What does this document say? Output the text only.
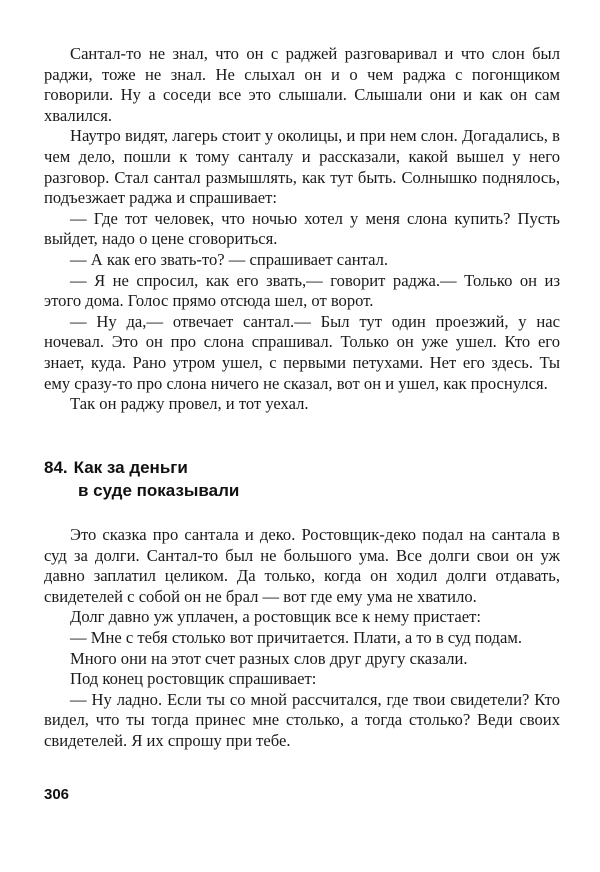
Сантал-то не знал, что он с раджей разговаривал и что слон был раджи, тоже не знал. Не слыхал он и о чем раджа с погонщиком говорили. Ну а соседи все это слышали. Слышали они и как он сам хвалился.

Наутро видят, лагерь стоит у околицы, и при нем слон. Догадались, в чем дело, пошли к тому санталу и рассказали, какой вышел у него разговор. Стал сантал размышлять, как тут быть. Солнышко поднялось, подъезжает раджа и спрашивает:

— Где тот человек, что ночью хотел у меня слона купить? Пусть выйдет, надо о цене сговориться.

— А как его звать-то? — спрашивает сантал.

— Я не спросил, как его звать,— говорит раджа.— Только он из этого дома. Голос прямо отсюда шел, от ворот.

— Ну да,— отвечает сантал.— Был тут один проезжий, у нас ночевал. Это он про слона спрашивал. Только он уже ушел. Кто его знает, куда. Рано утром ушел, с первыми петухами. Нет его здесь. Ты ему сразу-то про слона ничего не сказал, вот он и ушел, как проснулся.

Так он раджу провел, и тот уехал.

84. Как за деньги
в суде показывали

Это сказка про сантала и деко. Ростовщик-деко подал на сантала в суд за долги. Сантал-то был не большого ума. Все долги свои он уж давно заплатил целиком. Да только, когда он ходил долги отдавать, свидетелей с собой он не брал — вот где ему ума не хватило.

Долг давно уж уплачен, а ростовщик все к нему пристает:

— Мне с тебя столько вот причитается. Плати, а то в суд подам.

Много они на этот счет разных слов друг другу сказали.

Под конец ростовщик спрашивает:

— Ну ладно. Если ты со мной рассчитался, где твои свидетели? Кто видел, что ты тогда принес мне столько, а тогда столько? Веди своих свидетелей. Я их спрошу при тебе.

306
